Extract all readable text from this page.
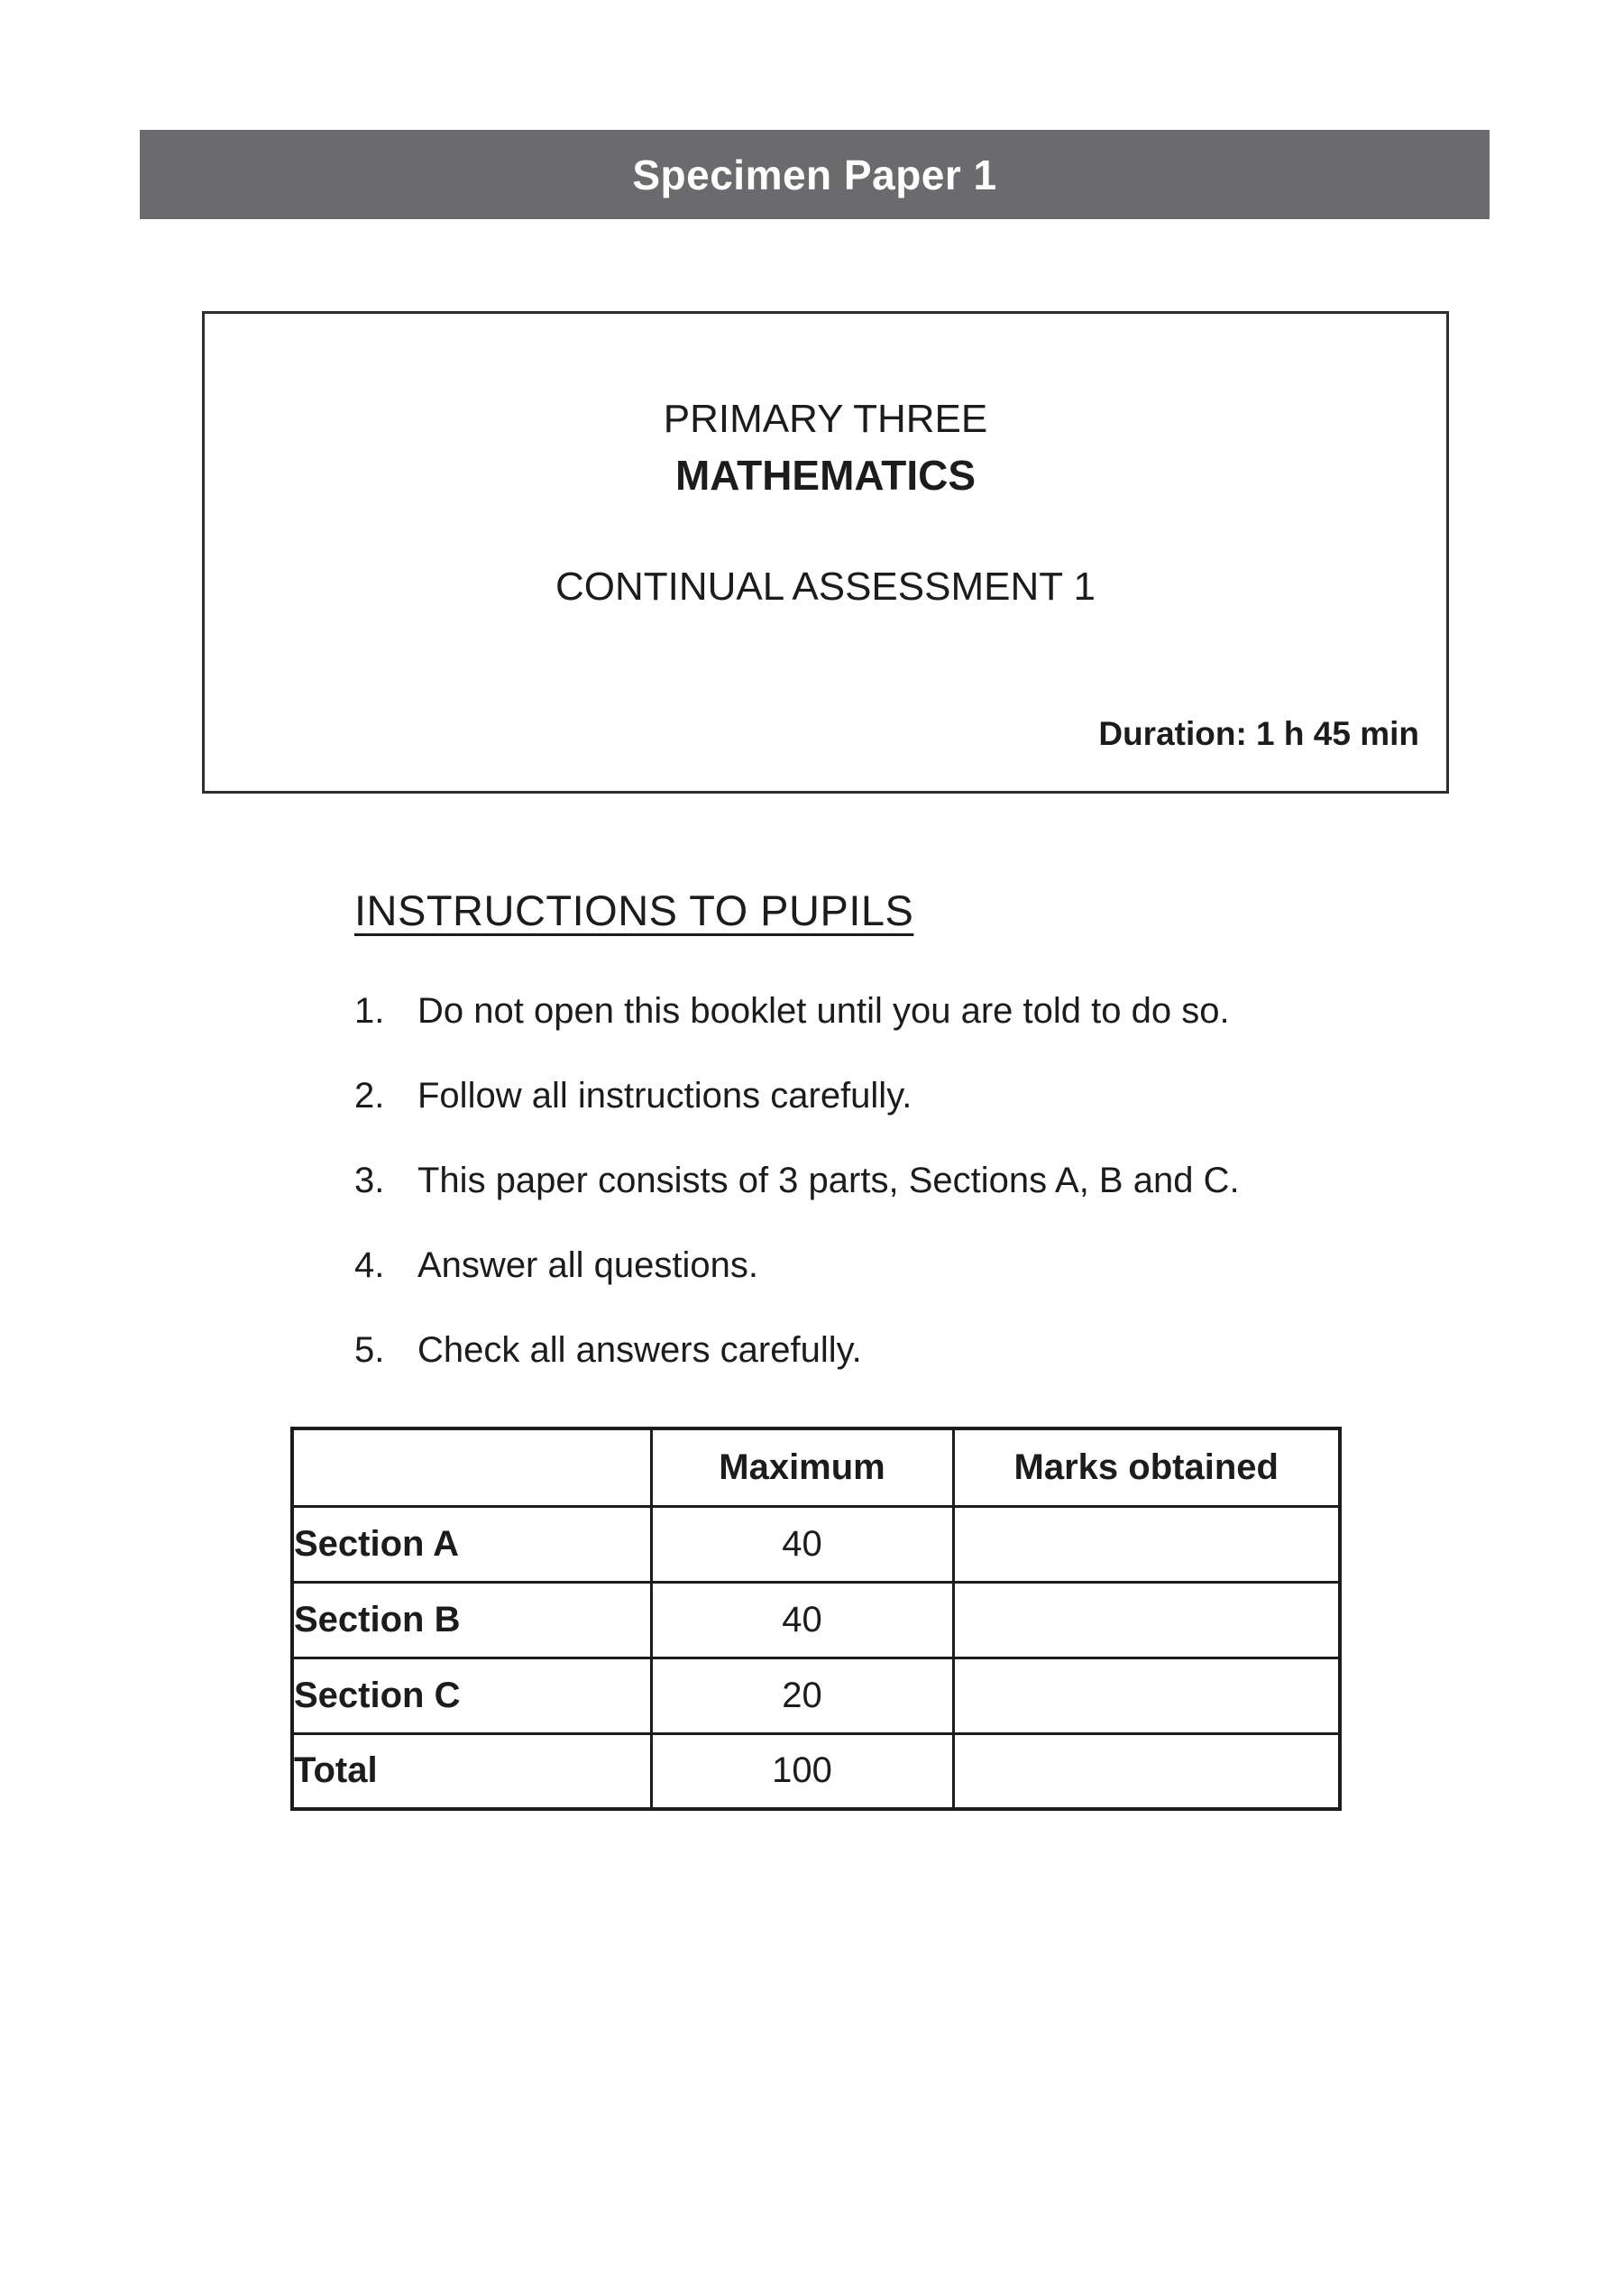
Specimen Paper 1
PRIMARY THREE
MATHEMATICS
CONTINUAL ASSESSMENT 1
Duration: 1 h 45 min
INSTRUCTIONS TO PUPILS
1. Do not open this booklet until you are told to do so.
2. Follow all instructions carefully.
3. This paper consists of 3 parts, Sections A, B and C.
4. Answer all questions.
5. Check all answers carefully.
	Maximum	Marks obtained
Section A	40	
Section B	40	
Section C	20	
Total	100	
